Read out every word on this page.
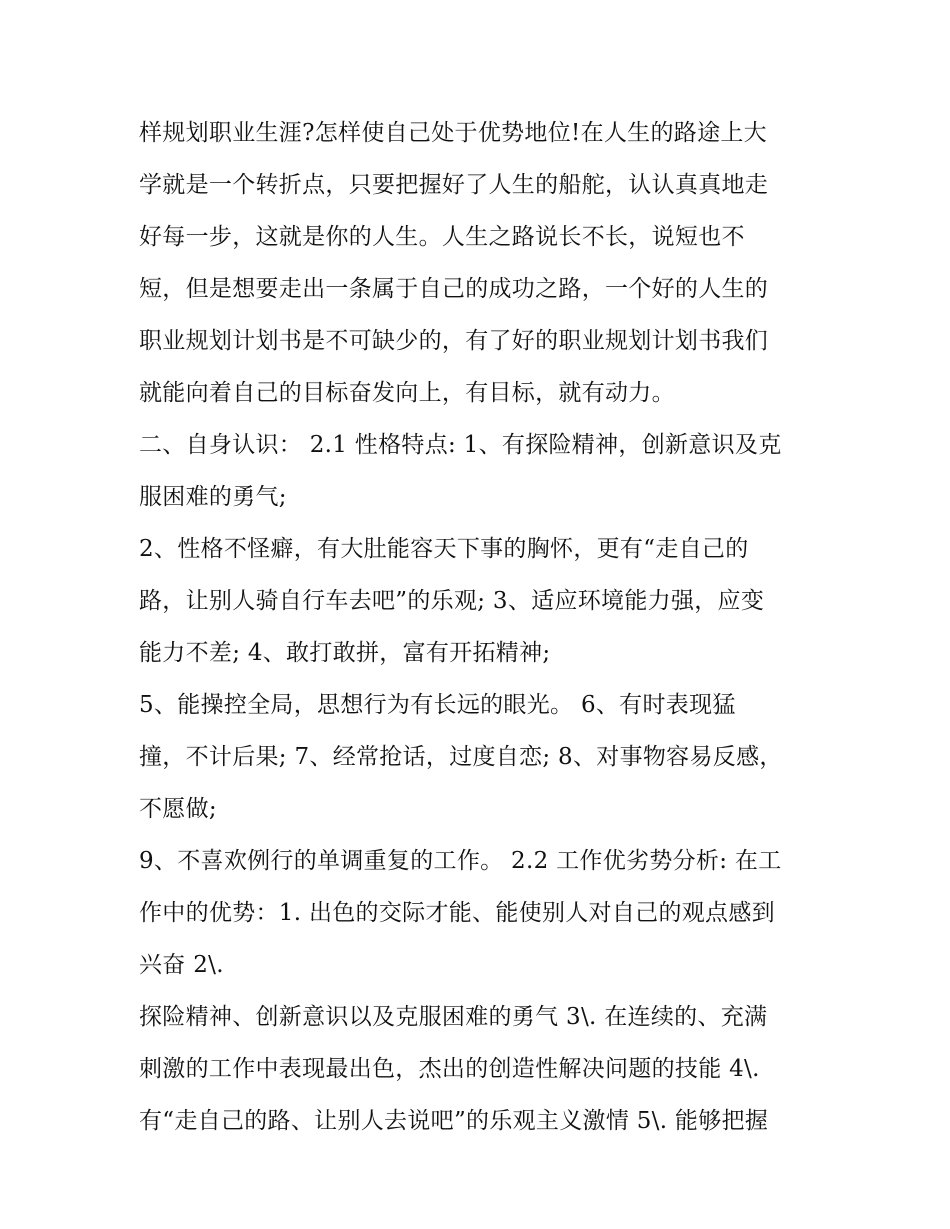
样规划职业生涯?怎样使自己处于优势地位!在人生的路途上大
学就是一个转折点，只要把握好了人生的船舵，认认真真地走
好每一步，这就是你的人生。人生之路说长不长，说短也不
短，但是想要走出一条属于自己的成功之路，一个好的人生的
职业规划计划书是不可缺少的，有了好的职业规划计划书我们
就能向着自己的目标奋发向上，有目标，就有动力。
二、自身认识： 2.1 性格特点: 1、有探险精神，创新意识及克
服困难的勇气;
2、性格不怪癖，有大肚能容天下事的胸怀，更有“走自己的
路，让别人骑自行车去吧”的乐观; 3、适应环境能力强，应变
能力不差; 4、敢打敢拼，富有开拓精神;
5、能操控全局，思想行为有长远的眼光。 6、有时表现猛
撞，不计后果; 7、经常抢话，过度自恋; 8、对事物容易反感，
不愿做;
9、不喜欢例行的单调重复的工作。 2.2 工作优劣势分析: 在工
作中的优势：1. 出色的交际才能、能使别人对自己的观点感到
兴奋 2\.
探险精神、创新意识以及克服困难的勇气 3\. 在连续的、充满
刺激的工作中表现最出色，杰出的创造性解决问题的技能 4\.
有“走自己的路、让别人去说吧”的乐观主义激情 5\. 能够把握
